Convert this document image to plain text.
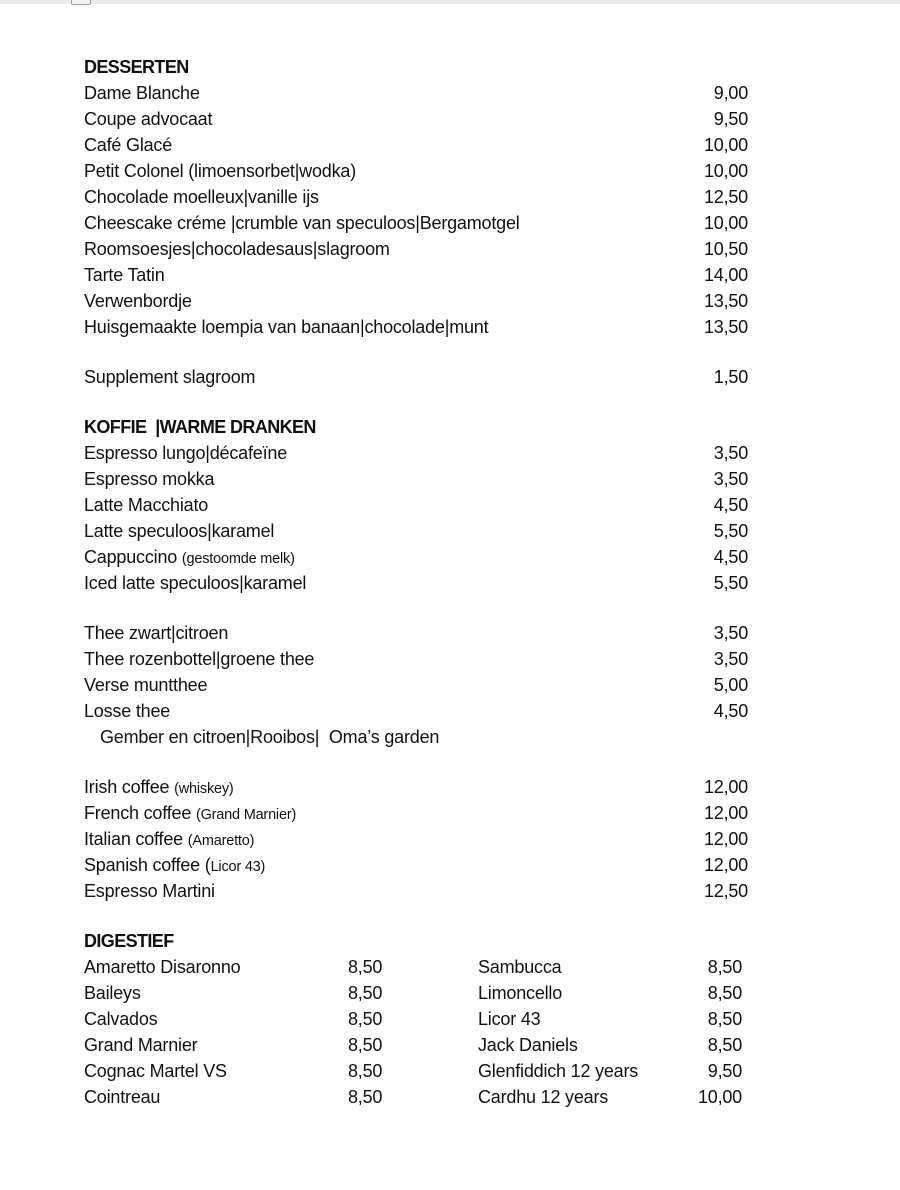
DESSERTEN
Dame Blanche	9,00
Coupe advocaat	9,50
Café Glacé	10,00
Petit Colonel (limoensorbet|wodka)	10,00
Chocolade moelleux|vanille ijs	12,50
Cheescake créme |crumble van speculoos|Bergamotgel	10,00
Roomsoesjes|chocoladesaus|slagroom	10,50
Tarte Tatin	14,00
Verwenbordje	13,50
Huisgemaakte loempia van banaan|chocolade|munt	13,50
Supplement slagroom	1,50
KOFFIE  |WARME DRANKEN
Espresso lungo|décafeïne	3,50
Espresso mokka	3,50
Latte Macchiato	4,50
Latte speculoos|karamel	5,50
Cappuccino (gestoomde melk)	4,50
Iced latte speculoos|karamel	5,50
Thee zwart|citroen	3,50
Thee rozenbottel|groene thee	3,50
Verse muntthee	5,00
Losse thee	4,50
Gember en citroen|Rooibos|  Oma’s garden
Irish coffee (whiskey)	12,00
French coffee (Grand Marnier)	12,00
Italian coffee (Amaretto)	12,00
Spanish coffee (Licor 43)	12,00
Espresso Martini	12,50
DIGESTIEF
Amaretto Disaronno	8,50	Sambucca	8,50
Baileys	8,50	Limoncello	8,50
Calvados	8,50	Licor 43	8,50
Grand Marnier	8,50	Jack Daniels	8,50
Cognac Martel VS	8,50	Glenfiddich 12 years	9,50
Cointreau	8,50	Cardhu 12 years	10,00
